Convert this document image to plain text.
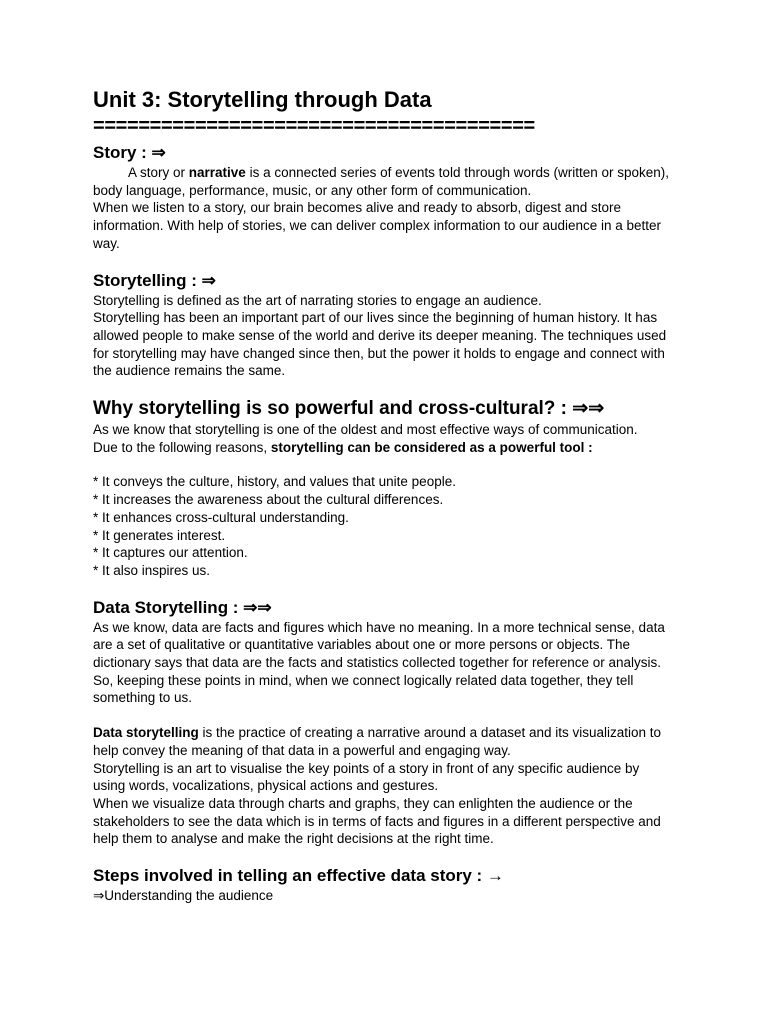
Unit 3: Storytelling through Data
=======================================
Story : ⇒

A story or narrative is a connected series of events told through words (written or spoken), body language, performance, music, or any other form of communication.

When we listen to a story, our brain becomes alive and ready to absorb, digest and store information. With help of stories, we can deliver complex information to our audience in a better way.

Storytelling : ⇒

Storytelling is defined as the art of narrating stories to engage an audience.

Storytelling has been an important part of our lives since the beginning of human history. It has allowed people to make sense of the world and derive its deeper meaning. The techniques used for storytelling may have changed since then, but the power it holds to engage and connect with the audience remains the same.

Why storytelling is so powerful and cross-cultural? : ⇒⇒

As we know that storytelling is one of the oldest and most effective ways of communication.

Due to the following reasons, storytelling can be considered as a powerful tool :

* It conveys the culture, history, and values that unite people.

* It increases the awareness about the cultural differences.

* It enhances cross-cultural understanding.

* It generates interest.

* It captures our attention.

* It also inspires us.

Data Storytelling : ⇒⇒

As we know, data are facts and figures which have no meaning. In a more technical sense, data are a set of qualitative or quantitative variables about one or more persons or objects. The dictionary says that data are the facts and statistics collected together for reference or analysis.

So, keeping these points in mind, when we connect logically related data together, they tell something to us.

Data storytelling is the practice of creating a narrative around a dataset and its visualization to help convey the meaning of that data in a powerful and engaging way.

Storytelling is an art to visualise the key points of a story in front of any specific audience by using words, vocalizations, physical actions and gestures.

When we visualize data through charts and graphs, they can enlighten the audience or the stakeholders to see the data which is in terms of facts and figures in a different perspective and help them to analyse and make the right decisions at the right time.

Steps involved in telling an effective data story : →

⇒Understanding the audience
